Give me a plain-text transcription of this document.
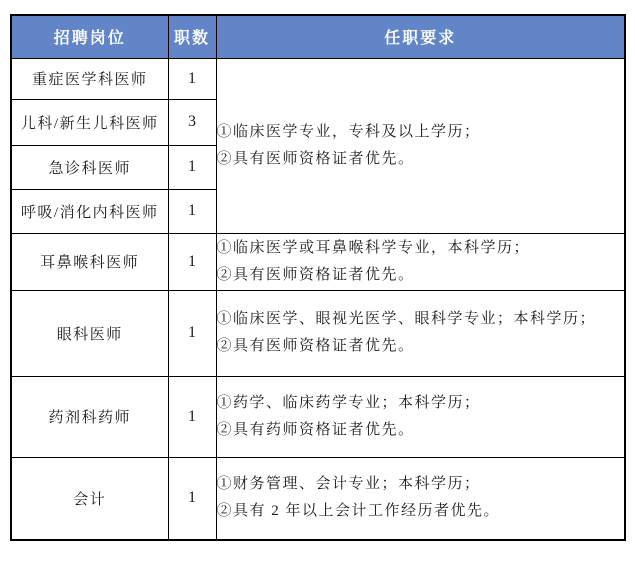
招聘岗位	职数	任职要求
重症医学科医师	1	①临床医学专业，专科及以上学历；
②具有医师资格证者优先。

儿科/新生儿科医师	3	
急诊科医师	1	
呼吸/消化内科医师	1	
耳鼻喉科医师	1	①临床医学或耳鼻喉科学专业，本科学历；
②具有医师资格证者优先。

眼科医师	1	①临床医学、眼视光医学、眼科学专业；本科学历；
②具有医师资格证者优先。

药剂科药师	1	①药学、临床药学专业；本科学历；
②具有药师资格证者优先。

会计	1	①财务管理、会计专业；本科学历；
②具有 2 年以上会计工作经历者优先。
